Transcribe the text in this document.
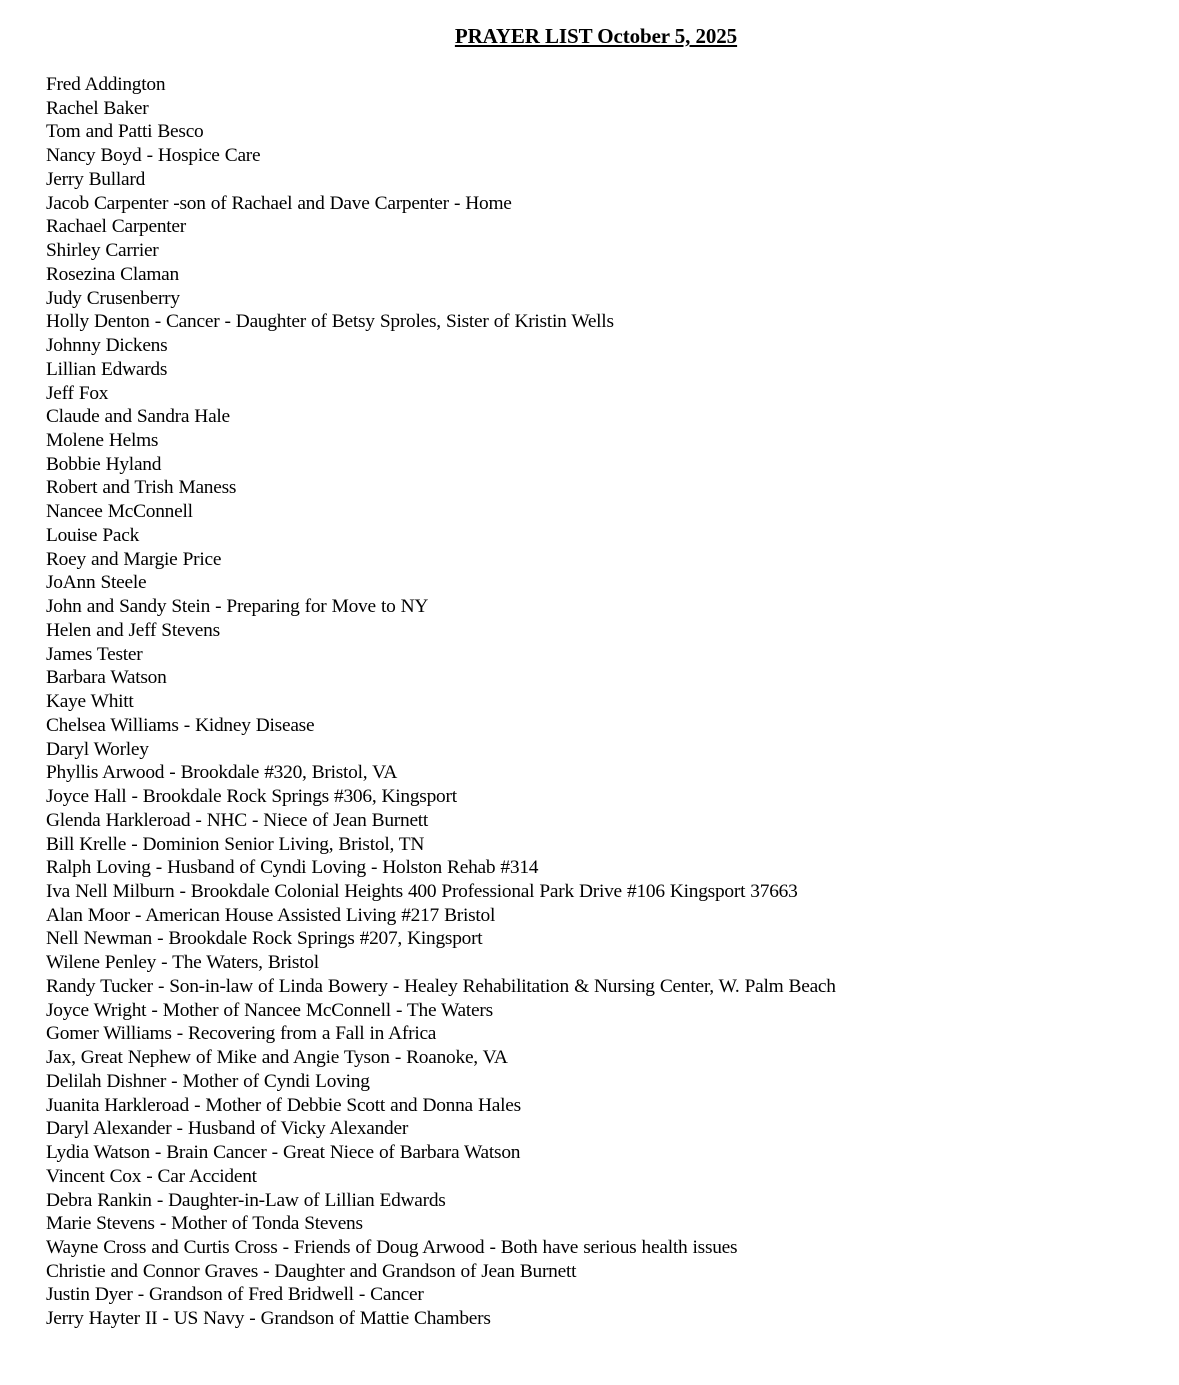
PRAYER LIST October 5, 2025
Fred Addington
Rachel Baker
Tom and Patti Besco
Nancy Boyd - Hospice Care
Jerry Bullard
Jacob Carpenter -son of Rachael and Dave Carpenter - Home
Rachael Carpenter
Shirley Carrier
Rosezina Claman
Judy Crusenberry
Holly Denton - Cancer - Daughter of Betsy Sproles, Sister of Kristin Wells
Johnny Dickens
Lillian Edwards
Jeff Fox
Claude and Sandra Hale
Molene Helms
Bobbie Hyland
Robert and Trish Maness
Nancee McConnell
Louise Pack
Roey and Margie Price
JoAnn Steele
John and Sandy Stein - Preparing for Move to NY
Helen and Jeff Stevens
James Tester
Barbara Watson
Kaye Whitt
Chelsea Williams - Kidney Disease
Daryl Worley
Phyllis Arwood - Brookdale #320, Bristol, VA
Joyce Hall - Brookdale Rock Springs #306, Kingsport
Glenda Harkleroad - NHC - Niece of Jean Burnett
Bill Krelle - Dominion Senior Living, Bristol, TN
Ralph Loving - Husband of Cyndi Loving - Holston Rehab #314
Iva Nell Milburn - Brookdale Colonial Heights 400 Professional Park Drive #106 Kingsport 37663
Alan Moor - American House Assisted Living #217 Bristol
Nell Newman - Brookdale Rock Springs #207, Kingsport
Wilene Penley - The Waters, Bristol
Randy Tucker - Son-in-law of Linda Bowery - Healey Rehabilitation & Nursing Center, W. Palm Beach
Joyce Wright - Mother of Nancee McConnell - The Waters
Gomer Williams - Recovering from a Fall in Africa
Jax, Great Nephew of Mike and Angie Tyson - Roanoke, VA
Delilah Dishner - Mother of Cyndi Loving
Juanita Harkleroad - Mother of Debbie Scott and Donna Hales
Daryl Alexander - Husband of Vicky Alexander
Lydia Watson - Brain Cancer - Great Niece of Barbara Watson
Vincent Cox - Car Accident
Debra Rankin - Daughter-in-Law of Lillian Edwards
Marie Stevens - Mother of Tonda Stevens
Wayne Cross and Curtis Cross - Friends of Doug Arwood - Both have serious health issues
Christie and Connor Graves - Daughter and Grandson of Jean Burnett
Justin Dyer - Grandson of Fred Bridwell - Cancer
Jerry Hayter II - US Navy - Grandson of Mattie Chambers
